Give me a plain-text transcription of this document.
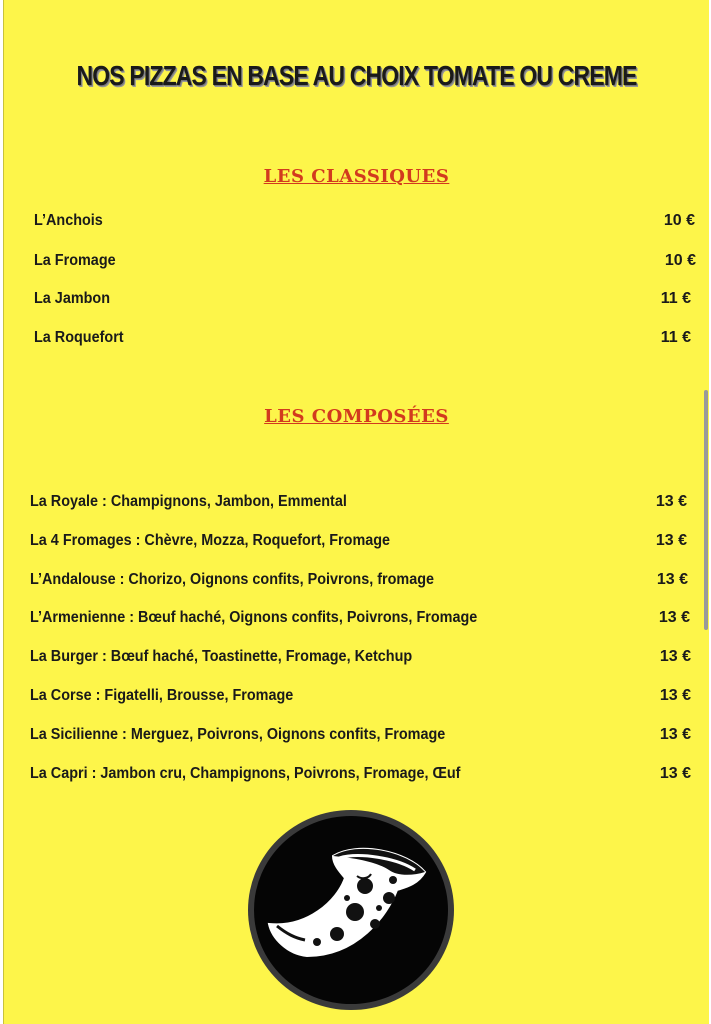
NOS PIZZAS EN BASE AU CHOIX TOMATE OU CREME
LES CLASSIQUES
L’Anchois	10 €
La Fromage	10 €
La Jambon	11 €
La Roquefort	11 €
LES COMPOSÉES
La Royale : Champignons, Jambon, Emmental	13 €
La 4 Fromages : Chèvre, Mozza, Roquefort, Fromage	13 €
L’Andalouse : Chorizo, Oignons confits, Poivrons, fromage	13 €
L’Armenienne : Bœuf haché, Oignons confits, Poivrons, Fromage	13 €
La Burger : Bœuf haché, Toastinette, Fromage, Ketchup	13 €
La Corse : Figatelli, Brousse, Fromage	13 €
La Sicilienne : Merguez, Poivrons, Oignons confits, Fromage	13 €
La Capri : Jambon cru, Champignons, Poivrons, Fromage, Œuf	13 €
